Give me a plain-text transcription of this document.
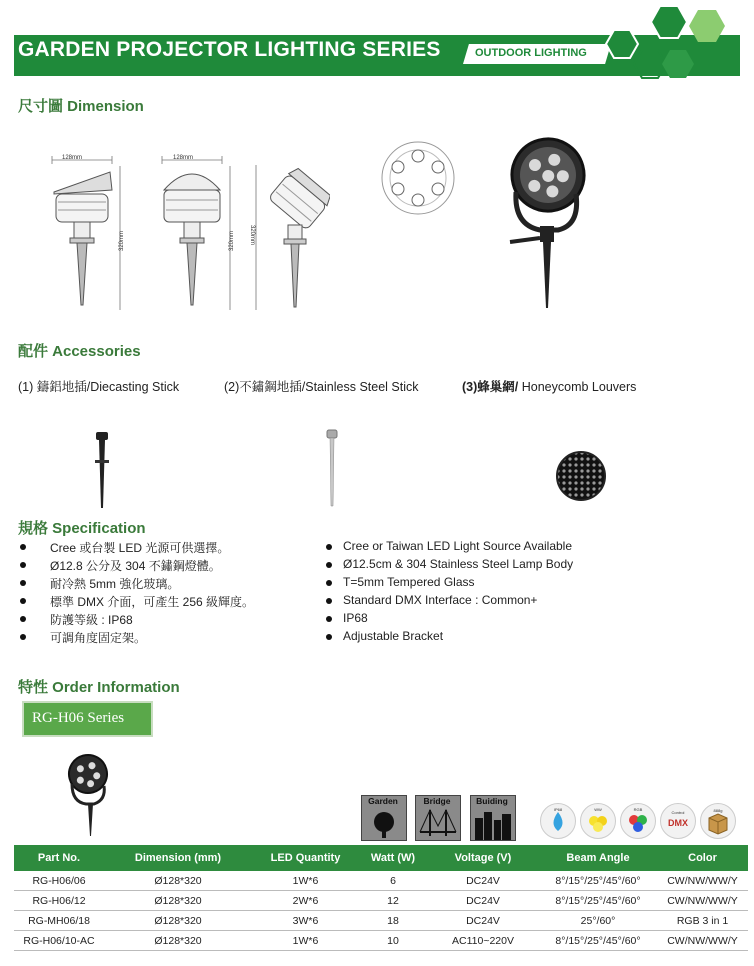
GARDEN PROJECTOR LIGHTING SERIES	OUTDOOR LIGHTING
尺寸圖 Dimension
128mm
320mm
128mm
320mm 320mm
配件 Accessories
(1) 鑄鋁地插/Diecasting Stick	(2)不鏽鋼地插/Stainless Steel Stick	(3)蜂巢網/ Honeycomb Louvers
規格 Specification
Cree 或台製 LED 光源可供選擇。
Ø12.8 公分及 304 不鏽鋼燈體。
耐冷熱 5mm 強化玻璃。
標準 DMX 介面，可產生 256 級輝度。
防護等級 : IP68
可調角度固定架。
Cree or Taiwan LED Light Source Available
Ø12.5cm & 304 Stainless Steel Lamp Body
T=5mm Tempered Glass
Standard DMX Interface : Common+
IP68
Adjustable Bracket
特性 Order Information
RG-H06 Series
Garden	Bridge	Buiding
IP68	WW	RGB
Control
DMX
888g
Part No.	Dimension (mm)	LED Quantity	Watt (W)	Voltage (V)	Beam Angle	Color
RG-H06/06	Ø128*320	1W*6	6	DC24V	8°/15°/25°/45°/60°	CW/NW/WW/Y
RG-H06/12	Ø128*320	2W*6	12	DC24V	8°/15°/25°/45°/60°	CW/NW/WW/Y
RG-MH06/18	Ø128*320	3W*6	18	DC24V	25°/60°	RGB 3 in 1
RG-H06/10-AC	Ø128*320	1W*6	10	AC110~220V	8°/15°/25°/45°/60°	CW/NW/WW/Y
